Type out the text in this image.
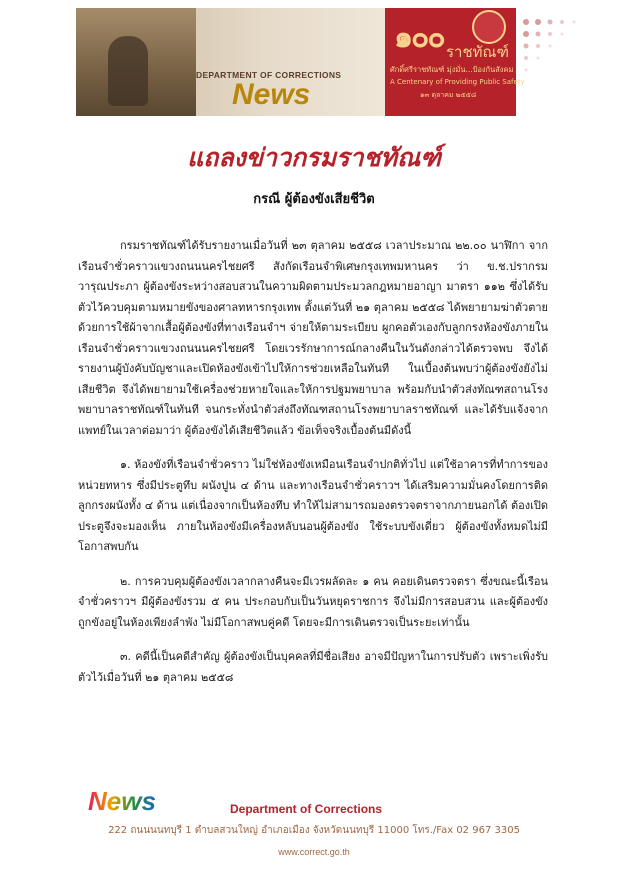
DEPARTMENT OF CORRECTIONS
News
๑๐๐ ราชทัณฑ์
ศักดิ์ศรีราชทัณฑ์ มุ่งมั่น...ป้องกันสังคม
A Centenary of Providing Public Safety
๑๓ ตุลาคม ๒๕๕๘
แถลงข่าวกรมราชทัณฑ์
กรณี ผู้ต้องขังเสียชีวิต

กรมราชทัณฑ์ได้รับรายงานเมื่อวันที่ ๒๓ ตุลาคม ๒๕๕๘ เวลาประมาณ ๒๒.๐๐ นาฬิกา จากเรือนจำชั่วคราวแขวงถนนนครไชยศรี สังกัดเรือนจำพิเศษกรุงเทพมหานคร ว่า ข.ช.ปรากรม วารุณประภา ผู้ต้องขังระหว่างสอบสวนในความผิดตามประมวลกฎหมายอาญา มาตรา ๑๑๒ ซึ่งได้รับตัวไว้ควบคุมตามหมายขังของศาลทหารกรุงเทพ ตั้งแต่วันที่ ๒๑ ตุลาคม ๒๕๕๘ ได้พยายามฆ่าตัวตายด้วยการใช้ผ้าจากเสื้อผู้ต้องขังที่ทางเรือนจำฯ จ่ายให้ตามระเบียบ ผูกคอตัวเองกับลูกกรงห้องขังภายในเรือนจำชั่วคราวแขวงถนนนครไชยศรี โดยเวรรักษาการณ์กลางคืนในวันดังกล่าวได้ตรวจพบ จึงได้รายงานผู้บังคับบัญชาและเปิดห้องขังเข้าไปให้การช่วยเหลือในทันที ในเบื้องต้นพบว่าผู้ต้องขังยังไม่เสียชีวิต จึงได้พยายามใช้เครื่องช่วยหายใจและให้การปฐมพยาบาล พร้อมกับนำตัวส่งทัณฑสถานโรงพยาบาลราชทัณฑ์ในทันที จนกระทั่งนำตัวส่งถึงทัณฑสถานโรงพยาบาลราชทัณฑ์ และได้รับแจ้งจากแพทย์ในเวลาต่อมาว่า ผู้ต้องขังได้เสียชีวิตแล้ว ข้อเท็จจริงเบื้องต้นมีดังนี้

๑. ห้องขังที่เรือนจำชั่วคราว ไม่ใช่ห้องขังเหมือนเรือนจำปกติทั่วไป แต่ใช้อาคารที่ทำการของหน่วยทหาร ซึ่งมีประตูทึบ ผนังปูน ๔ ด้าน และทางเรือนจำชั่วคราวฯ ได้เสริมความมั่นคงโดยการติดลูกกรงผนังทั้ง ๔ ด้าน แต่เนื่องจากเป็นห้องทึบ ทำให้ไม่สามารถมองตรวจตราจากภายนอกได้ ต้องเปิดประตูจึงจะมองเห็น ภายในห้องขังมีเครื่องหลับนอนผู้ต้องขัง ใช้ระบบขังเดี่ยว ผู้ต้องขังทั้งหมดไม่มีโอกาสพบกัน

๒. การควบคุมผู้ต้องขังเวลากลางคืนจะมีเวรผลัดละ ๑ คน คอยเดินตรวจตรา ซึ่งขณะนี้เรือนจำชั่วคราวฯ มีผู้ต้องขังรวม ๕ คน ประกอบกับเป็นวันหยุดราชการ จึงไม่มีการสอบสวน และผู้ต้องขังถูกขังอยู่ในห้องเพียงลำพัง ไม่มีโอกาสพบคู่คดี โดยจะมีการเดินตรวจเป็นระยะเท่านั้น

๓. คดีนี้เป็นคดีสำคัญ ผู้ต้องขังเป็นบุคคลที่มีชื่อเสียง อาจมีปัญหาในการปรับตัว เพราะเพิ่งรับตัวไว้เมื่อวันที่ ๒๑ ตุลาคม ๒๕๕๘

News	Department of Corrections
222 ถนนนนทบุรี 1 ตำบลสวนใหญ่ อำเภอเมือง จังหวัดนนทบุรี 11000 โทร./Fax 02 967 3305
www.correct.go.th
